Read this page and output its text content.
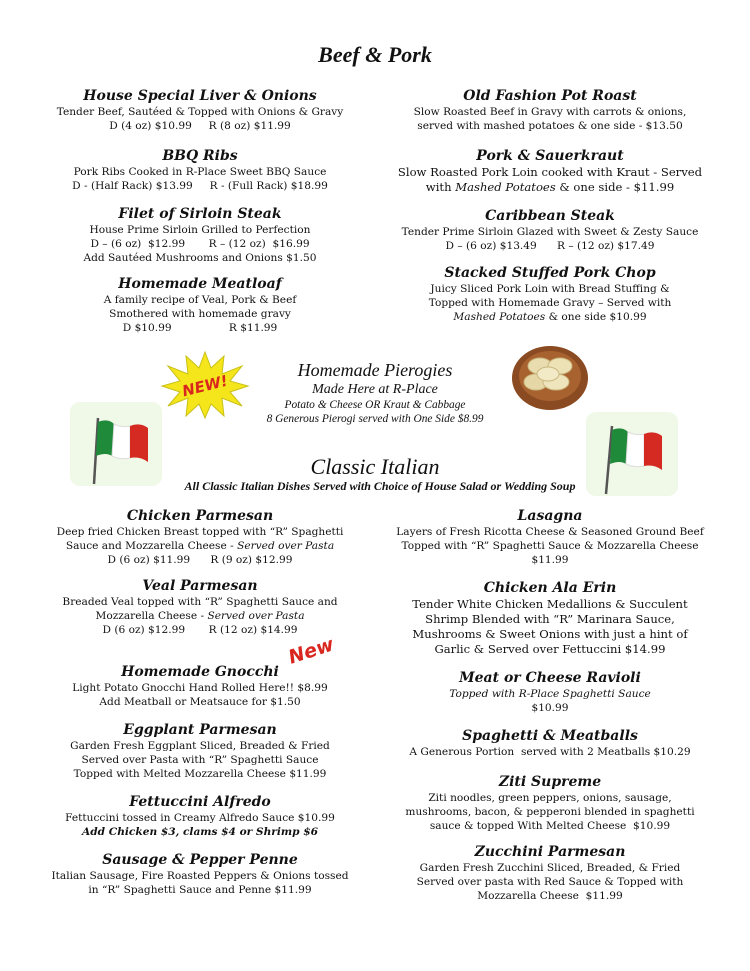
Beef & Pork

House Special Liver & Onions

Tender Beef, Sautéed & Topped with Onions & Gravy

D (4 oz) $10.99     R (8 oz) $11.99

BBQ Ribs

Pork Ribs Cooked in R-Place Sweet BBQ Sauce

D - (Half Rack) $13.99     R - (Full Rack) $18.99

Filet of Sirloin Steak

House Prime Sirloin Grilled to Perfection

D – (6 oz)  $12.99       R – (12 oz)  $16.99

Add Sautéed Mushrooms and Onions $1.50

Homemade Meatloaf

A family recipe of Veal, Pork & Beef

Smothered with homemade gravy

D $10.99                 R $11.99

Old Fashion Pot Roast

Slow Roasted Beef in Gravy with carrots & onions,

served with mashed potatoes & one side - $13.50

Pork & Sauerkraut

Slow Roasted Pork Loin cooked with Kraut - Served

with Mashed Potatoes & one side - $11.99

Caribbean Steak

Tender Prime Sirloin Glazed with Sweet & Zesty Sauce

D – (6 oz) $13.49      R – (12 oz) $17.49

Stacked Stuffed Pork Chop

Juicy Sliced Pork Loin with Bread Stuffing &

Topped with Homemade Gravy – Served with

Mashed Potatoes & one side $10.99

NEW!
Homemade Pierogies
Made Here at R-Place
Potato & Cheese OR Kraut & Cabbage
8 Generous Pierogi served with One Side $8.99
Classic Italian
All Classic Italian Dishes Served with Choice of House Salad or Wedding Soup

Chicken Parmesan

Deep fried Chicken Breast topped with “R” Spaghetti

Sauce and Mozzarella Cheese - Served over Pasta

D (6 oz) $11.99      R (9 oz) $12.99

Veal Parmesan

Breaded Veal topped with “R” Spaghetti Sauce and

Mozzarella Cheese - Served over Pasta

D (6 oz) $12.99       R (12 oz) $14.99

Homemade Gnocchi

Light Potato Gnocchi Hand Rolled Here!! $8.99

Add Meatball or Meatsauce for $1.50

Eggplant Parmesan

Garden Fresh Eggplant Sliced, Breaded & Fried

Served over Pasta with “R” Spaghetti Sauce

Topped with Melted Mozzarella Cheese $11.99

Fettuccini Alfredo

Fettuccini tossed in Creamy Alfredo Sauce $10.99

Add Chicken $3, clams $4 or Shrimp $6

Sausage & Pepper Penne

Italian Sausage, Fire Roasted Peppers & Onions tossed

in “R” Spaghetti Sauce and Penne $11.99

New

Lasagna

Layers of Fresh Ricotta Cheese & Seasoned Ground Beef

Topped with “R” Spaghetti Sauce & Mozzarella Cheese

$11.99

Chicken Ala Erin

Tender White Chicken Medallions & Succulent

Shrimp Blended with “R” Marinara Sauce,

Mushrooms & Sweet Onions with just a hint of

Garlic & Served over Fettuccini $14.99

Meat or Cheese Ravioli

Topped with R-Place Spaghetti Sauce

$10.99

Spaghetti & Meatballs

A Generous Portion  served with 2 Meatballs $10.29

Ziti Supreme

Ziti noodles, green peppers, onions, sausage,

mushrooms, bacon, & pepperoni blended in spaghetti

sauce & topped With Melted Cheese  $10.99

Zucchini Parmesan

Garden Fresh Zucchini Sliced, Breaded, & Fried

Served over pasta with Red Sauce & Topped with

Mozzarella Cheese  $11.99
